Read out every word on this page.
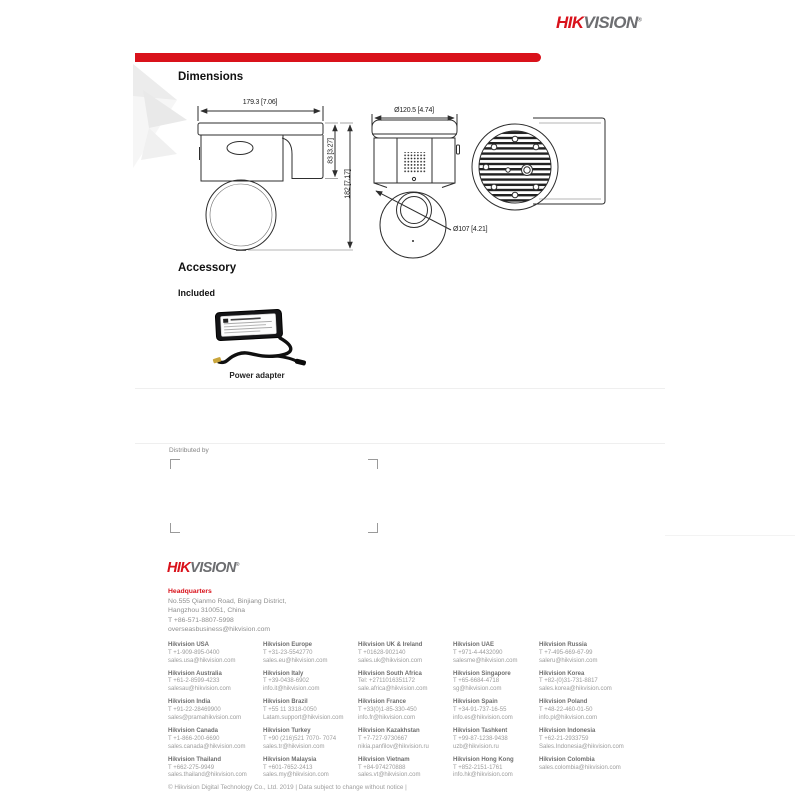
HIKVISION®
Dimensions
179.3 [7.06]
83 [3.27]
182 [7.17]
Ø120.5 [4.74]
Ø107 [4.21]
Accessory
Included
Power adapter
Distributed by
HIKVISION®
Headquarters
No.555 Qianmo Road, Binjiang District,
Hangzhou 310051, China
T +86-571-8807-5998
overseasbusiness@hikvision.com
Hikvision USA
T +1-909-895-0400
sales.usa@hikvision.com
Hikvision Australia
T +61-2-8599-4233
salesau@hikvision.com
Hikvision India
T +91-22-28469900
sales@pramahikvision.com
Hikvision Canada
T +1-866-200-6690
sales.canada@hikvision.com
Hikvision Thailand
T +662-275-9949
sales.thailand@hikvision.com
Hikvision Europe
T +31-23-5542770
sales.eu@hikvision.com
Hikvision Italy
T +39-0438-6902
info.it@hikvision.com
Hikvision Brazil
T +55 11 3318-0050
Latam.support@hikvision.com
Hikvision Turkey
T +90 (216)521 7070- 7074
sales.tr@hikvision.com
Hikvision Malaysia
T +601-7652-2413
sales.my@hikvision.com
Hikvision UK & Ireland
T +01628-902140
sales.uk@hikvision.com
Hikvision South Africa
Tel: +2711016351172
sale.africa@hikvision.com
Hikvision France
T +33(0)1-85-330-450
info.fr@hikvision.com
Hikvision Kazakhstan
T +7-727-9730667
nikia.panfilov@hikvision.ru
Hikvision Vietnam
T +84-974270888
sales.vt@hikvision.com
Hikvision UAE
T +971-4-4432090
salesme@hikvision.com
Hikvision Singapore
T +65-6684-4718
sg@hikvision.com
Hikvision Spain
T +34-91-737-16-55
info.es@hikvision.com
Hikvision Tashkent
T +99-87-1238-9438
uzb@hikvision.ru
Hikvision Hong Kong
T +852-2151-1761
info.hk@hikvision.com
Hikvision Russia
T +7-495-669-67-99
saleru@hikvision.com
Hikvision Korea
T +82-(0)31-731-8817
sales.korea@hikvision.com
Hikvision Poland
T +48-22-460-01-50
info.pl@hikvision.com
Hikvision Indonesia
T +62-21-2933759
Sales.Indonesia@hikvision.com
Hikvision Colombia
sales.colombia@hikvision.com
© Hikvision Digital Technology Co., Ltd. 2019 | Data subject to change without notice |
